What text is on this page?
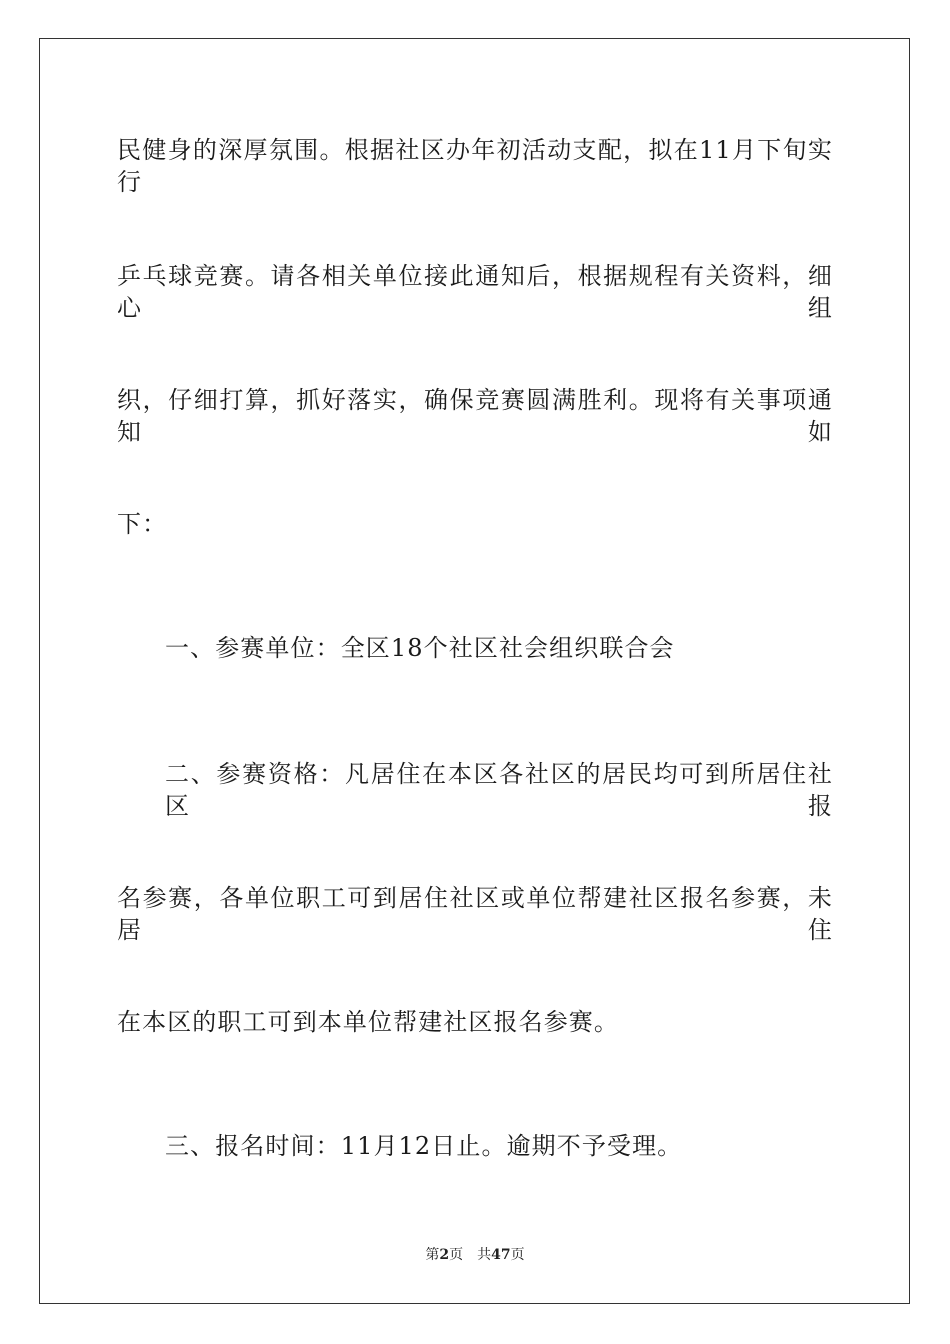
民健身的深厚氛围。根据社区办年初活动支配，拟在11月下旬实行
乒乓球竞赛。请各相关单位接此通知后，根据规程有关资料，细心组
织，仔细打算，抓好落实，确保竞赛圆满胜利。现将有关事项通知如
下：
一、参赛单位：全区18个社区社会组织联合会
二、参赛资格：凡居住在本区各社区的居民均可到所居住社区报
名参赛，各单位职工可到居住社区或单位帮建社区报名参赛，未居住
在本区的职工可到本单位帮建社区报名参赛。
三、报名时间：11月12日止。逾期不予受理。
第2页 共47页
